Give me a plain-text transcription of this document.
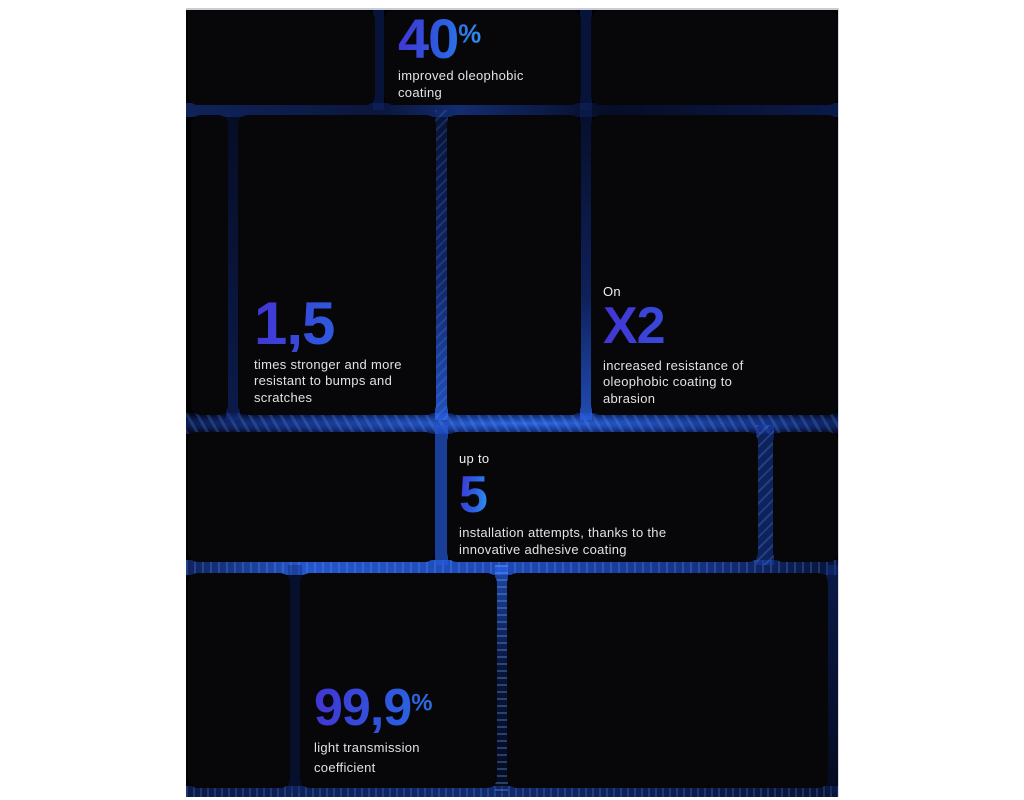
40%
improved oleophobic coating
1,5
times stronger and more resistant to bumps and scratches
On
X2
increased resistance of oleophobic coating to abrasion
up to
5
installation attempts, thanks to the innovative adhesive coating
99,9%
light transmission coefficient
